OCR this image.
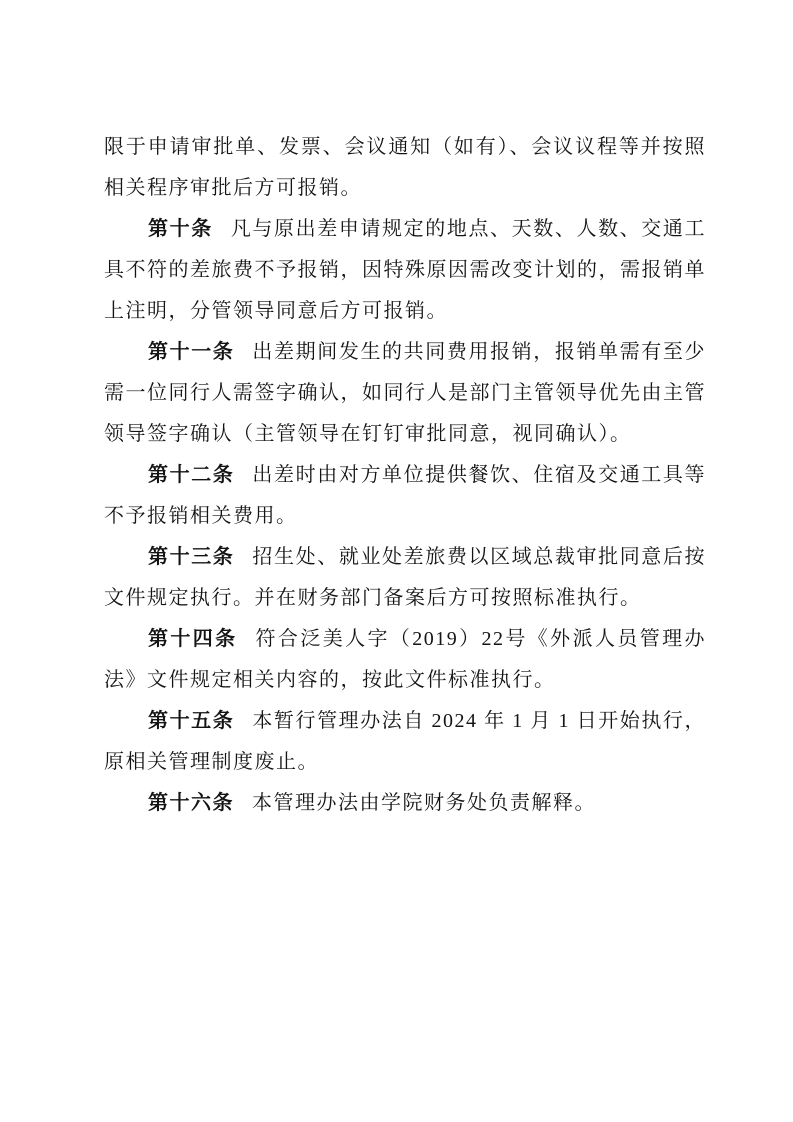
限于申请审批单、发票、会议通知（如有）、会议议程等并按照相关程序审批后方可报销。

第十条 凡与原出差申请规定的地点、天数、人数、交通工具不符的差旅费不予报销，因特殊原因需改变计划的，需报销单上注明，分管领导同意后方可报销。

第十一条 出差期间发生的共同费用报销，报销单需有至少需一位同行人需签字确认，如同行人是部门主管领导优先由主管领导签字确认（主管领导在钉钉审批同意，视同确认）。

第十二条 出差时由对方单位提供餐饮、住宿及交通工具等不予报销相关费用。

第十三条 招生处、就业处差旅费以区域总裁审批同意后按文件规定执行。并在财务部门备案后方可按照标准执行。

第十四条 符合泛美人字（2019）22号《外派人员管理办法》文件规定相关内容的，按此文件标准执行。

第十五条 本暂行管理办法自 2024 年 1 月 1 日开始执行，原相关管理制度废止。

第十六条 本管理办法由学院财务处负责解释。
